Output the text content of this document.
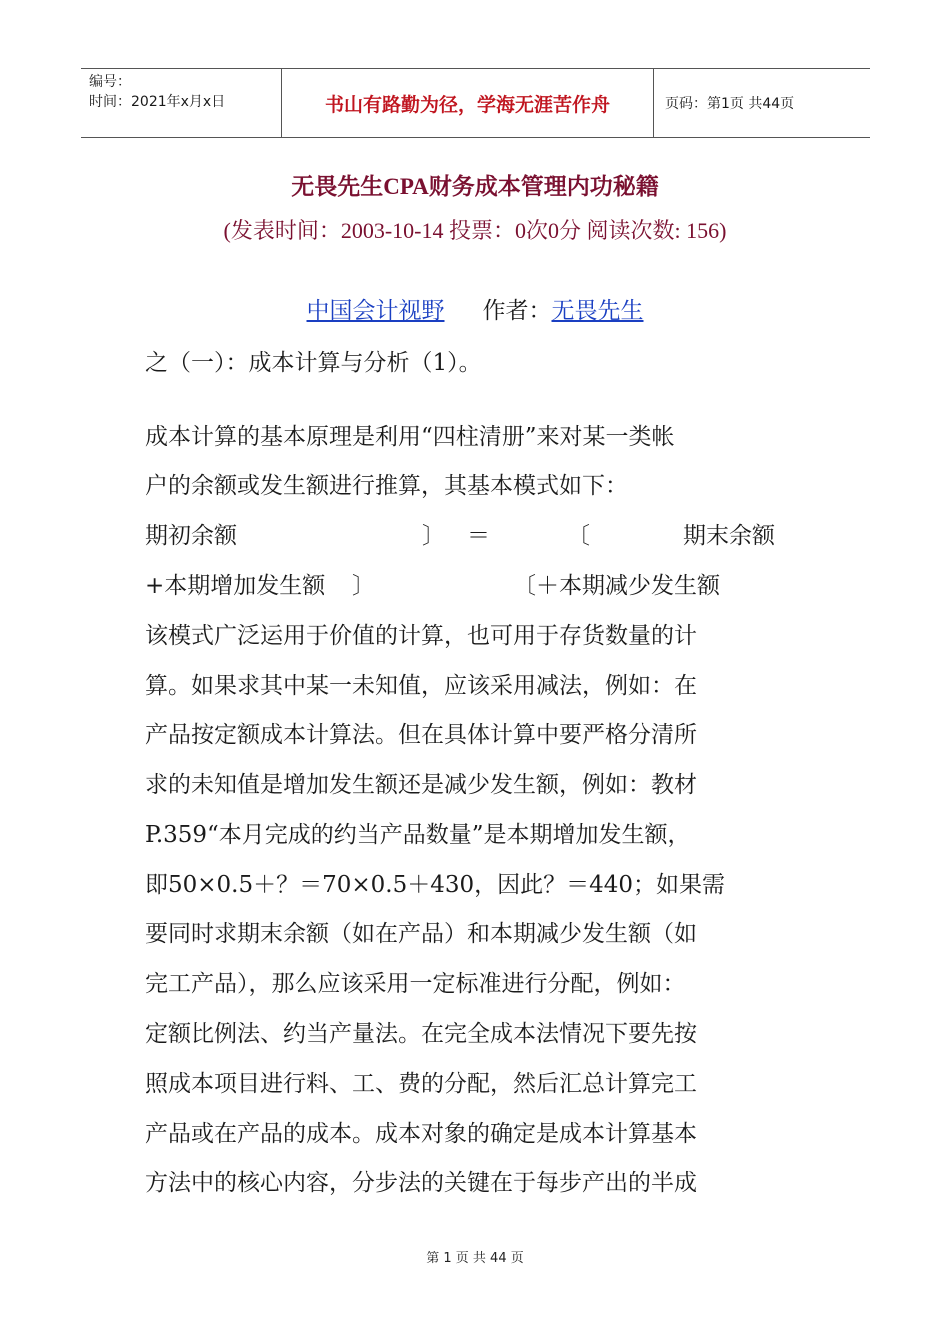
编号：
时间：2021年x月x日	书山有路勤为径，学海无涯苦作舟	页码：第1页 共44页
无畏先生CPA财务成本管理内功秘籍
(发表时间：2003-10-14 投票：0次0分 阅读次数: 156)
中国会计视野 作者：无畏先生
之（一）：成本计算与分析（1）。
成本计算的基本原理是利用“四柱清册”来对某一类帐
户的余额或发生额进行推算，其基本模式如下：
期初余额	〕 ＝	〔	期末余额
+本期增加发生额 〕	〔＋本期减少发生额
该模式广泛运用于价值的计算，也可用于存货数量的计
算。如果求其中某一未知值，应该采用减法，例如：在
产品按定额成本计算法。但在具体计算中要严格分清所
求的未知值是增加发生额还是减少发生额，例如：教材
P.359“本月完成的约当产品数量”是本期增加发生额，
即50×0.5＋？＝70×0.5＋430，因此？＝440；如果需
要同时求期末余额（如在产品）和本期减少发生额（如
完工产品），那么应该采用一定标准进行分配，例如：
定额比例法、约当产量法。在完全成本法情况下要先按
照成本项目进行料、工、费的分配，然后汇总计算完工
产品或在产品的成本。成本对象的确定是成本计算基本
方法中的核心内容，分步法的关键在于每步产出的半成
第 1 页 共 44 页
